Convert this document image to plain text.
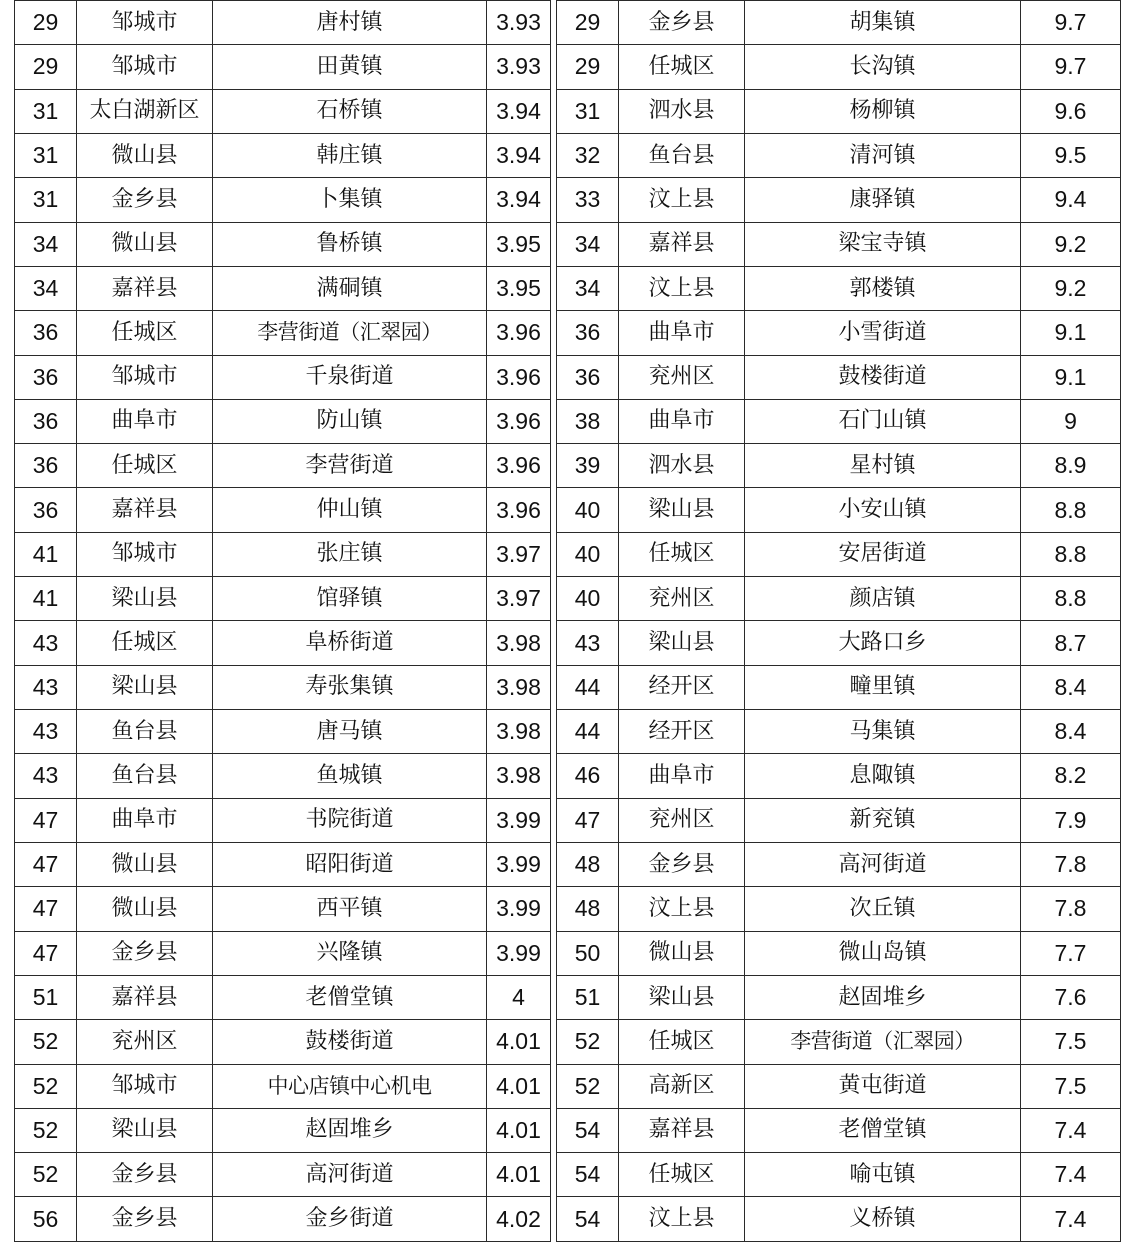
29	邹城市	唐村镇	3.93
29	邹城市	田黄镇	3.93
31	太白湖新区	石桥镇	3.94
31	微山县	韩庄镇	3.94
31	金乡县	卜集镇	3.94
34	微山县	鲁桥镇	3.95
34	嘉祥县	满硐镇	3.95
36	任城区	李营街道（汇翠园）	3.96
36	邹城市	千泉街道	3.96
36	曲阜市	防山镇	3.96
36	任城区	李营街道	3.96
36	嘉祥县	仲山镇	3.96
41	邹城市	张庄镇	3.97
41	梁山县	馆驿镇	3.97
43	任城区	阜桥街道	3.98
43	梁山县	寿张集镇	3.98
43	鱼台县	唐马镇	3.98
43	鱼台县	鱼城镇	3.98
47	曲阜市	书院街道	3.99
47	微山县	昭阳街道	3.99
47	微山县	西平镇	3.99
47	金乡县	兴隆镇	3.99
51	嘉祥县	老僧堂镇	4
52	兖州区	鼓楼街道	4.01
52	邹城市	中心店镇中心机电	4.01
52	梁山县	赵固堆乡	4.01
52	金乡县	高河街道	4.01
56	金乡县	金乡街道	4.02
29	金乡县	胡集镇	9.7
29	任城区	长沟镇	9.7
31	泗水县	杨柳镇	9.6
32	鱼台县	清河镇	9.5
33	汶上县	康驿镇	9.4
34	嘉祥县	梁宝寺镇	9.2
34	汶上县	郭楼镇	9.2
36	曲阜市	小雪街道	9.1
36	兖州区	鼓楼街道	9.1
38	曲阜市	石门山镇	9
39	泗水县	星村镇	8.9
40	梁山县	小安山镇	8.8
40	任城区	安居街道	8.8
40	兖州区	颜店镇	8.8
43	梁山县	大路口乡	8.7
44	经开区	疃里镇	8.4
44	经开区	马集镇	8.4
46	曲阜市	息陬镇	8.2
47	兖州区	新兖镇	7.9
48	金乡县	高河街道	7.8
48	汶上县	次丘镇	7.8
50	微山县	微山岛镇	7.7
51	梁山县	赵固堆乡	7.6
52	任城区	李营街道（汇翠园）	7.5
52	高新区	黄屯街道	7.5
54	嘉祥县	老僧堂镇	7.4
54	任城区	喻屯镇	7.4
54	汶上县	义桥镇	7.4
